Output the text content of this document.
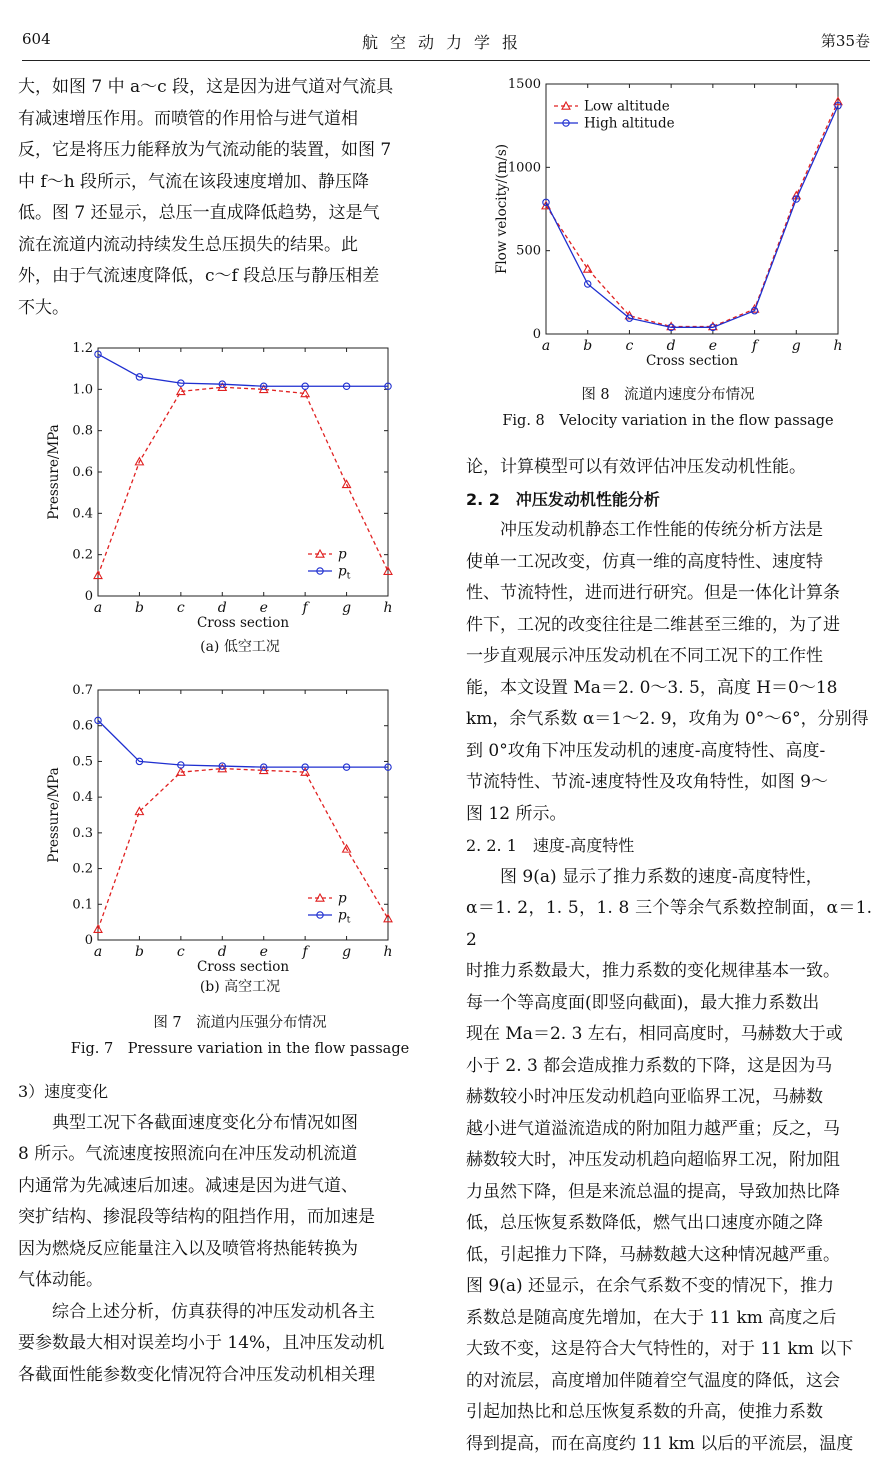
604	航空动力学报	第35卷

大，如图 7 中 a～c 段，这是因为进气道对气流具

有减速增压作用。而喷管的作用恰与进气道相

反，它是将压力能释放为气流动能的装置，如图 7

中 f～h 段所示，气流在该段速度增加、静压降

低。图 7 还显示，总压一直成降低趋势，这是气

流在流道内流动持续发生总压损失的结果。此

外，由于气流速度降低，c～f 段总压与静压相差

不大。

0
0.2
0.4
0.6
0.8
1.0
1.2
a b c d e f g h
Cross section
Pressure/MPa
p
$p_t$
(a) 低空工况
0
0.1
0.2
0.3
0.4
0.5
0.6
0.7
a b c d e f g h
Cross section
Pressure/MPa
p
$p_t$
(b) 高空工况
图 7　流道内压强分布情况
Fig. 7　Pressure variation in the flow passage

3）速度变化

典型工况下各截面速度变化分布情况如图

8 所示。气流速度按照流向在冲压发动机流道

内通常为先减速后加速。减速是因为进气道、

突扩结构、掺混段等结构的阻挡作用，而加速是

因为燃烧反应能量注入以及喷管将热能转换为

气体动能。

综合上述分析，仿真获得的冲压发动机各主

要参数最大相对误差均小于 14%，且冲压发动机

各截面性能参数变化情况符合冲压发动机相关理

0
500
1000
1500
a b c d e f g h
Cross section
Flow velocity/(m/s)
Low altitude
High altitude
图 8　流道内速度分布情况
Fig. 8　Velocity variation in the flow passage

论，计算模型可以有效评估冲压发动机性能。

2. 2　冲压发动机性能分析

冲压发动机静态工作性能的传统分析方法是

使单一工况改变，仿真一维的高度特性、速度特

性、节流特性，进而进行研究。但是一体化计算条

件下，工况的改变往往是二维甚至三维的，为了进

一步直观展示冲压发动机在不同工况下的工作性

能，本文设置 Ma＝2. 0～3. 5，高度 H＝0～18

km，余气系数 α＝1～2. 9，攻角为 0°～6°，分别得

到 0°攻角下冲压发动机的速度-高度特性、高度-

节流特性、节流-速度特性及攻角特性，如图 9～

图 12 所示。

2. 2. 1　速度-高度特性

图 9(a) 显示了推力系数的速度-高度特性，

α＝1. 2，1. 5，1. 8 三个等余气系数控制面，α＝1. 2

时推力系数最大，推力系数的变化规律基本一致。

每一个等高度面(即竖向截面)，最大推力系数出

现在 Ma＝2. 3 左右，相同高度时，马赫数大于或

小于 2. 3 都会造成推力系数的下降，这是因为马

赫数较小时冲压发动机趋向亚临界工况，马赫数

越小进气道溢流造成的附加阻力越严重；反之，马

赫数较大时，冲压发动机趋向超临界工况，附加阻

力虽然下降，但是来流总温的提高，导致加热比降

低，总压恢复系数降低，燃气出口速度亦随之降

低，引起推力下降，马赫数越大这种情况越严重。

图 9(a) 还显示，在余气系数不变的情况下，推力

系数总是随高度先增加，在大于 11 km 高度之后

大致不变，这是符合大气特性的，对于 11 km 以下

的对流层，高度增加伴随着空气温度的降低，这会

引起加热比和总压恢复系数的升高，使推力系数

得到提高，而在高度约 11 km 以后的平流层，温度
